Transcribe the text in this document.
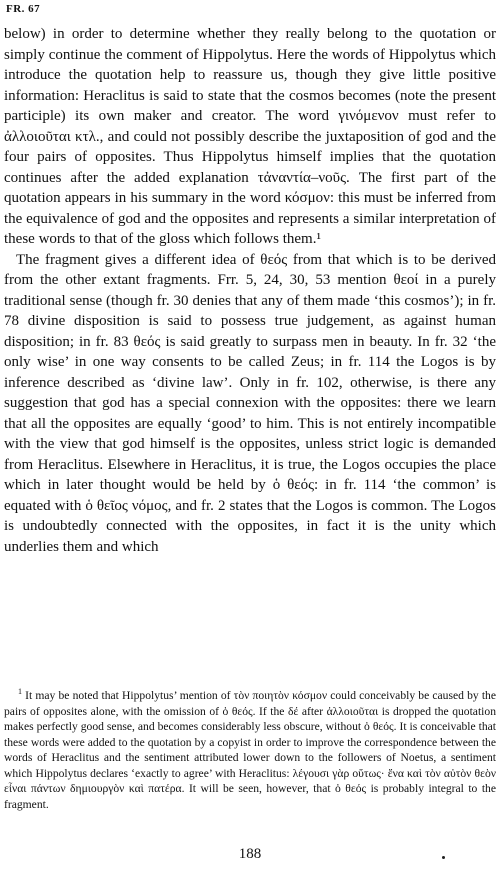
FR. 67

below) in order to determine whether they really belong to the quotation or simply continue the comment of Hippolytus. Here the words of Hippolytus which introduce the quotation help to reassure us, though they give little positive information: Heraclitus is said to state that the cosmos becomes (note the present participle) its own maker and creator. The word γινόμενον must refer to ἀλλοιοῦται κτλ., and could not possibly describe the juxtaposition of god and the four pairs of opposites. Thus Hippolytus himself implies that the quotation continues after the added explanation τἀναντία–νοῦς. The first part of the quotation appears in his summary in the word κόσμον: this must be inferred from the equivalence of god and the opposites and represents a similar interpretation of these words to that of the gloss which follows them.¹

The fragment gives a different idea of θεός from that which is to be derived from the other extant fragments. Frr. 5, 24, 30, 53 mention θεοί in a purely traditional sense (though fr. 30 denies that any of them made ‘this cosmos’); in fr. 78 divine disposition is said to possess true judgement, as against human disposition; in fr. 83 θεός is said greatly to surpass men in beauty. In fr. 32 ‘the only wise’ in one way consents to be called Zeus; in fr. 114 the Logos is by inference described as ‘divine law’. Only in fr. 102, otherwise, is there any suggestion that god has a special connexion with the opposites: there we learn that all the opposites are equally ‘good’ to him. This is not entirely incompatible with the view that god himself is the opposites, unless strict logic is demanded from Heraclitus. Elsewhere in Heraclitus, it is true, the Logos occupies the place which in later thought would be held by ὁ θεός: in fr. 114 ‘the common’ is equated with ὁ θεῖος νόμος, and fr. 2 states that the Logos is common. The Logos is undoubtedly connected with the opposites, in fact it is the unity which underlies them and which

$^1$ It may be noted that Hippolytus’ mention of τὸν ποιητὸν κόσμον could conceivably be caused by the pairs of opposites alone, with the omission of ὁ θεός. If the δέ after ἀλλοιοῦται is dropped the quotation makes perfectly good sense, and becomes considerably less obscure, without ὁ θεός. It is conceivable that these words were added to the quotation by a copyist in order to improve the correspondence between the words of Heraclitus and the sentiment attributed lower down to the followers of Noetus, a sentiment which Hippolytus declares ‘exactly to agree’ with Heraclitus: λέγουσι γὰρ οὕτως· ἕνα καὶ τὸν αὐτὸν θεὸν εἶναι πάντων δημιουργὸν καὶ πατέρα. It will be seen, however, that ὁ θεός is probably integral to the fragment.

188
